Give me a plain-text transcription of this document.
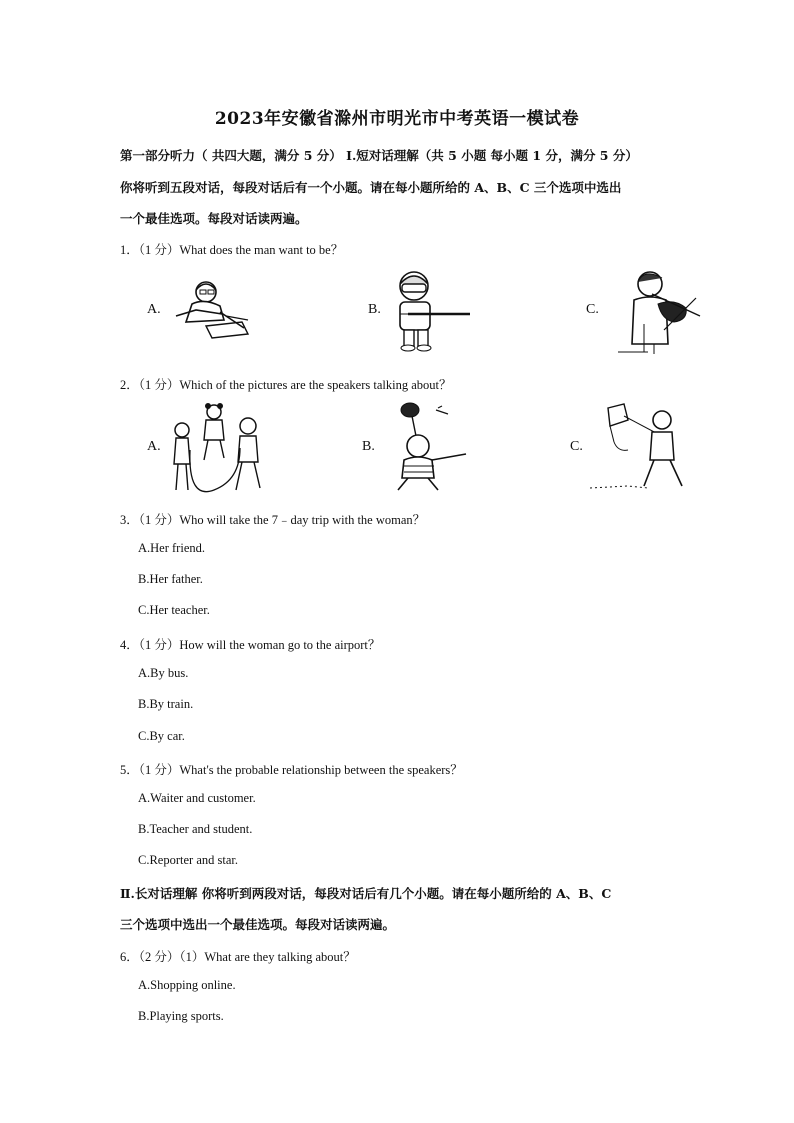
2023年安徽省滁州市明光市中考英语一模试卷
第一部分听力（ 共四大题，满分 5 分） I.短对话理解（共 5 小题 每小题 1 分，满分 5 分）
你将听到五段对话，每段对话后有一个小题。请在每小题所给的 A、B、C 三个选项中选出
一个最佳选项。每段对话读两遍。
1．（1 分）What does the man want to be？
A.	B.	C.
2．（1 分）Which of the pictures are the speakers talking about？
A.	B.	C.
3．（1 分）Who will take the 7﹣day trip with the woman？
A.Her friend.
B.Her father.
C.Her teacher.
4．（1 分）How will the woman go to the airport？
A.By bus.
B.By train.
C.By car.
5．（1 分）What's the probable relationship between the speakers？
A.Waiter and customer.
B.Teacher and student.
C.Reporter and star.
Ⅱ.长对话理解 你将听到两段对话，每段对话后有几个小题。请在每小题所给的 A、B、C
三个选项中选出一个最佳选项。每段对话读两遍。
6．（2 分）（1）What are they talking about？
A.Shopping online.
B.Playing sports.
